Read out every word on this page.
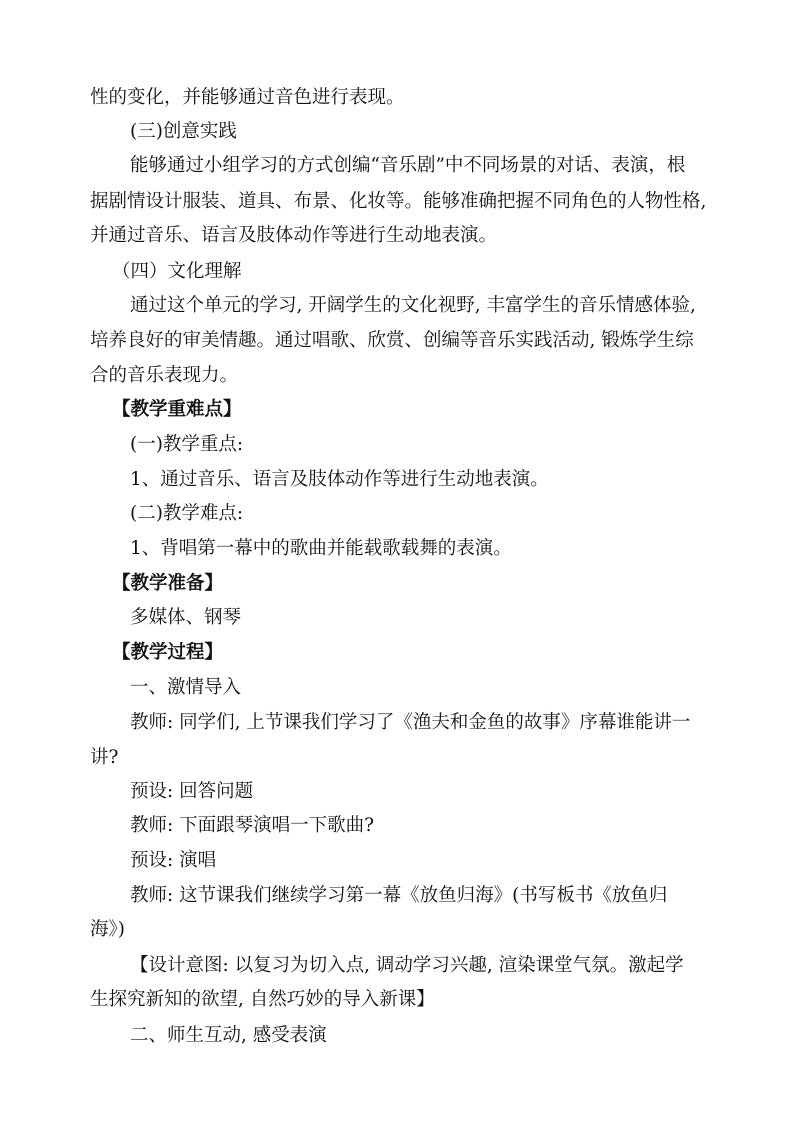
性的变化，并能够通过音色进行表现。
(三)创意实践
能够通过小组学习的方式创编“音乐剧”中不同场景的对话、表演，根
据剧情设计服装、道具、布景、化妆等。能够准确把握不同角色的人物性格,
并通过音乐、语言及肢体动作等进行生动地表演。
（四）文化理解
通过这个单元的学习, 开阔学生的文化视野, 丰富学生的音乐情感体验,
培养良好的审美情趣。通过唱歌、欣赏、创编等音乐实践活动, 锻炼学生综
合的音乐表现力。
【教学重难点】
(一)教学重点:
1、通过音乐、语言及肢体动作等进行生动地表演。
(二)教学难点:
1、背唱第一幕中的歌曲并能载歌载舞的表演。
【教学准备】
多媒体、钢琴
【教学过程】
一、激情导入
教师: 同学们, 上节课我们学习了《渔夫和金鱼的故事》序幕谁能讲一
讲?
预设: 回答问题
教师: 下面跟琴演唱一下歌曲?
预设: 演唱
教师: 这节课我们继续学习第一幕《放鱼归海》(书写板书《放鱼归
海》)
【设计意图: 以复习为切入点, 调动学习兴趣, 渲染课堂气氛。激起学
生探究新知的欲望, 自然巧妙的导入新课】
二、师生互动, 感受表演
